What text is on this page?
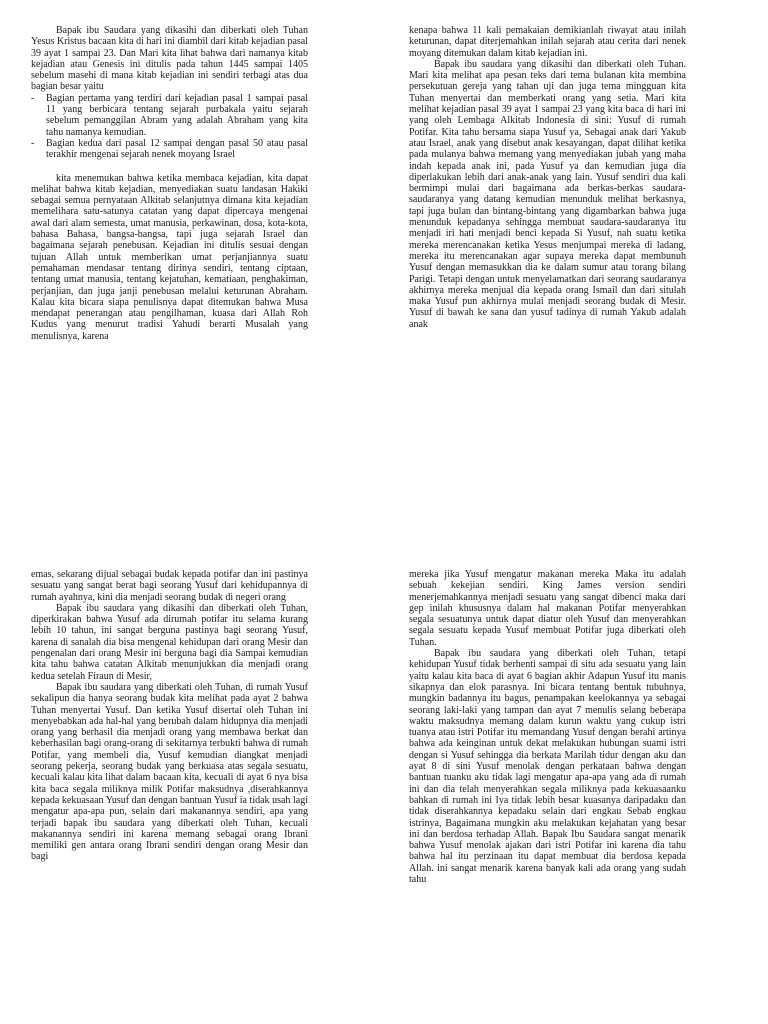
Bapak ibu Saudara yang dikasihi dan diberkati oleh Tuhan Yesus Kristus bacaan kita di hari ini diambil dari kitab kejadian pasal 39 ayat 1 sampai 23. Dan Mari kita lihat bahwa dari namanya kitab kejadian atau Genesis ini ditulis pada tahun 1445 sampai 1405 sebelum masehi di mana kitab kejadian ini sendiri terbagi atas dua bagian besar yaitu

-	Bagian pertama yang terdiri dari kejadian pasal 1 sampai pasal 11 yang berbicara tentang sejarah purbakala yaitu sejarah sebelum pemanggilan Abram yang adalah Abraham yang kita tahu namanya kemudian.
-	Bagian kedua dari pasal 12 sampai dengan pasal 50 atau pasal terakhir mengenai sejarah nenek moyang Israel

kita menemukan bahwa ketika membaca kejadian, kita dapat melihat bahwa kitab kejadian, menyediakan suatu landasan Hakiki sebagai semua pernyataan Alkitab selanjutnya dimana kita kejadian memelihara satu-satunya catatan yang dapat dipercaya mengenai awal dari alam semesta, umat manusia, perkawinan, dosa, kota-kota, bahasa Bahasa, bangsa-bangsa, tapi juga sejarah Israel dan bagaimana sejarah penebusan. Kejadian ini ditulis sesuai dengan tujuan Allah untuk memberikan umat perjanjiannya suatu pemahaman mendasar tentang dirinya sendiri, tentang ciptaan, tentang umat manusia, tentang kejatuhan, kematiaan, penghakiman, perjanjian, dan juga janji penebusan melalui keturunan Abraham. Kalau kita bicara siapa penulisnya dapat ditemukan bahwa Musa mendapat penerangan atau pengilhaman, kuasa dari Allah Roh Kudus yang menurut tradisi Yahudi berarti Musalah yang menulisnya, karena

kenapa bahwa 11 kali pemakaian demikianlah riwayat atau inilah keturunan, dapat diterjemahkan inilah sejarah atau cerita dari nenek moyang ditemukan dalam kitab kejadian ini.

Bapak ibu saudara yang dikasihi dan diberkati oleh Tuhan. Mari kita melihat apa pesan teks dari tema bulanan kita membina persekutuan gereja yang tahan uji dan juga tema mingguan kita Tuhan menyertai dan memberkati orang yang setia. Mari kita melihat kejadian pasal 39 ayat 1 sampai 23 yang kita baca di hari ini yang oleh Lembaga Alkitab Indonesia di sini: Yusuf di rumah Potifar. Kita tahu bersama siapa Yusuf ya, Sebagai anak dari Yakub atau Israel, anak yang disebut anak kesayangan, dapat dilihat ketika pada mulanya bahwa memang yang menyediakan jubah yang maha indah kepada anak ini, pada Yusuf ya dan kemudian juga dia diperlakukan lebih dari anak-anak yang lain. Yusuf sendiri dua kali bermimpi mulai dari bagaimana ada berkas-berkas saudara-saudaranya yang datang kemudian menunduk melihat berkasnya, tapi juga bulan dan bintang-bintang yang digambarkan bahwa juga menunduk kepadanya sehingga membuat saudara-saudaranya itu menjadi iri hati menjadi benci kepada Si Yusuf, nah suatu ketika mereka merencanakan ketika Yesus menjumpai mereka di ladang, mereka itu merencanakan agar supaya mereka dapat membunuh Yusuf dengan memasukkan dia ke dalam sumur atau torang bilang Parigi. Tetapi dengan untuk menyelamatkan dari seorang saudaranya akhirnya mereka menjual dia kepada orang Ismail dan dari situlah maka Yusuf pun akhirnya mulai menjadi seorang budak di Mesir. Yusuf di bawah ke sana dan yusuf tadinya di rumah Yakub adalah anak

emas, sekarang dijual sebagai budak kepada potifar dan ini pastinya sesuatu yang sangat berat bagi seorang Yusuf dari kehidupannya di rumah ayahnya, kini dia menjadi seorang budak di negeri orang

Bapak ibu saudara yang dikasihi dan diberkati oleh Tuhan, diperkirakan bahwa Yusuf ada dirumah potifar itu selama kurang lebih 10 tahun, ini sangat berguna pastinya bagi seorang Yusuf, karena di sanalah dia bisa mengenal kehidupan dari orang Mesir dan pengenalan dari orang Mesir ini berguna bagi dia Sampai kemudian kita tahu bahwa catatan Alkitab menunjukkan dia menjadi orang kedua setelah Firaun di Mesir,

Bapak ibu saudara yang diberkati oleh Tuhan, di rumah Yusuf sekalipun dia hanya seorang budak kita melihat pada ayat 2 bahwa Tuhan menyertai Yusuf. Dan ketika Yusuf disertai oleh Tuhan ini menyebabkan ada hal-hal yang berubah dalam hidupnya dia menjadi orang yang berhasil dia menjadi orang yang membawa berkat dan keberhasilan bagi orang-orang di sekitarnya terbukti bahwa di rumah Potifar, yang membeli dia, Yusuf kemudian diangkat menjadi seorang pekerja, seorang budak yang berkuasa atas segala sesuatu, kecuali kalau kita lihat dalam bacaan kita, kecuali di ayat 6 nya bisa kita baca segala miliknya milik Potifar maksudnya ,diserahkannya kepada kekuasaan Yusuf dan dengan bantuan Yusuf ia tidak usah lagi mengatur apa-apa pun, selain dari makanannya sendiri, apa yang terjadi bapak ibu saudara yang diberkati oleh Tuhan, kecuali makanannya sendiri ini karena memang sebagai orang Ibrani memiliki gen antara orang Ibrani sendiri dengan orang Mesir dan bagi

mereka jika Yusuf mengatur makanan mereka Maka itu adalah sebuah kekejian sendiri. King James version sendiri menerjemahkannya menjadi sesuatu yang sangat dibenci maka dari gep inilah khususnya dalam hal makanan Potifar menyerahkan segala sesuatunya untuk dapat diatur oleh Yusuf dan menyerahkan segala sesuatu kepada Yusuf membuat Potifar juga diberkati oleh Tuhan.

Bapak ibu saudara yang diberkati oleh Tuhan, tetapi kehidupan Yusuf tidak berhenti sampai di situ ada sesuatu yang lain yaitu kalau kita baca di ayat 6 bagian akhir Adapun Yusuf itu manis sikapnya dan elok parasnya. Ini bicara tentang bentuk tubuhnya, mungkin badannya itu bagus, penampakan keelokannya ya sebagai seorang laki-laki yang tampan dan ayat 7 menulis selang beberapa waktu maksudnya memang dalam kurun waktu yang cukup istri tuanya atau istri Potifar itu memandang Yusuf dengan berahi artinya bahwa ada keinginan untuk dekat melakukan hubungan suami istri dengan si Yusuf sehingga dia berkata Marilah tidur dengan aku dan ayat 8 di sini Yusuf menolak dengan perkataan bahwa dengan bantuan tuanku aku tidak lagi mengatur apa-apa yang ada di rumah ini dan dia telah menyerahkan segala miliknya pada kekuasaanku bahkan di rumah ini Iya tidak lebih besar kuasanya daripadaku dan tidak diserahkannya kepadaku selain dari engkau Sebab engkau istrinya, Bagaimana mungkin aku melakukan kejahatan yang besar ini dan berdosa terhadap Allah. Bapak Ibu Saudara sangat menarik bahwa Yusuf menolak ajakan dari istri Potifar ini karena dia tahu bahwa hal itu perzinaan itu dapat membuat dia berdosa kepada Allah. ini sangat menarik karena banyak kali ada orang yang sudah tahu
